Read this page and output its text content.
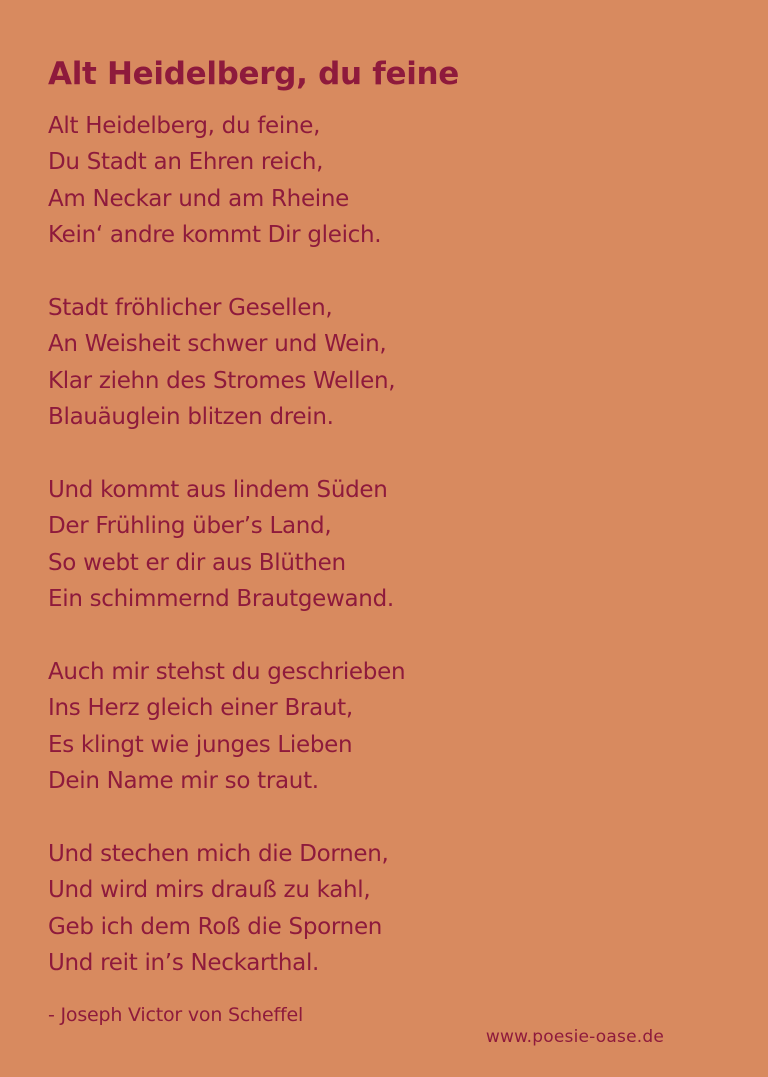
Alt Heidelberg, du feine
Alt Heidelberg, du feine,
Du Stadt an Ehren reich,
Am Neckar und am Rheine
Kein‘ andre kommt Dir gleich.
Stadt fröhlicher Gesellen,
An Weisheit schwer und Wein,
Klar ziehn des Stromes Wellen,
Blauäuglein blitzen drein.
Und kommt aus lindem Süden
Der Frühling über’s Land,
So webt er dir aus Blüthen
Ein schimmernd Brautgewand.
Auch mir stehst du geschrieben
Ins Herz gleich einer Braut,
Es klingt wie junges Lieben
Dein Name mir so traut.
Und stechen mich die Dornen,
Und wird mirs drauß zu kahl,
Geb ich dem Roß die Spornen
Und reit in’s Neckarthal.
- Joseph Victor von Scheffel
www.poesie-oase.de
